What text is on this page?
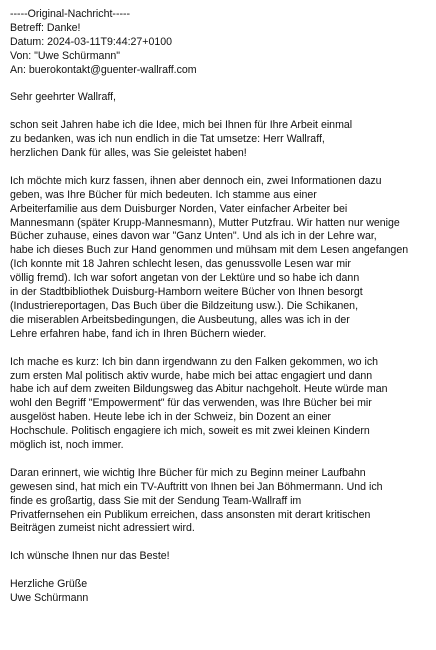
-----Original-Nachricht-----
Betreff: Danke!
Datum: 2024-03-11T9:44:27+0100
Von: "Uwe Schürmann"
An: buerokontakt@guenter-wallraff.com
Sehr geehrter Wallraff,
schon seit Jahren habe ich die Idee, mich bei Ihnen für Ihre Arbeit einmal
zu bedanken, was ich nun endlich in die Tat umsetze: Herr Wallraff,
herzlichen Dank für alles, was Sie geleistet haben!
Ich möchte mich kurz fassen, ihnen aber dennoch ein, zwei Informationen dazu
geben, was Ihre Bücher für mich bedeuten. Ich stamme aus einer
Arbeiterfamilie aus dem Duisburger Norden, Vater einfacher Arbeiter bei
Mannesmann (später Krupp-Mannesmann), Mutter Putzfrau. Wir hatten nur wenige
Bücher zuhause, eines davon war "Ganz Unten". Und als ich in der Lehre war,
habe ich dieses Buch zur Hand genommen und mühsam mit dem Lesen angefangen
(Ich konnte mit 18 Jahren schlecht lesen, das genussvolle Lesen war mir
völlig fremd). Ich war sofort angetan von der Lektüre und so habe ich dann
in der Stadtbibliothek Duisburg-Hamborn weitere Bücher von Ihnen besorgt
(Industriereportagen, Das Buch über die Bildzeitung usw.). Die Schikanen,
die miserablen Arbeitsbedingungen, die Ausbeutung, alles was ich in der
Lehre erfahren habe, fand ich in Ihren Büchern wieder.
Ich mache es kurz: Ich bin dann irgendwann zu den Falken gekommen, wo ich
zum ersten Mal politisch aktiv wurde, habe mich bei attac engagiert und dann
habe ich auf dem zweiten Bildungsweg das Abitur nachgeholt. Heute würde man
wohl den Begriff "Empowerment" für das verwenden, was Ihre Bücher bei mir
ausgelöst haben. Heute lebe ich in der Schweiz, bin Dozent an einer
Hochschule. Politisch engagiere ich mich, soweit es mit zwei kleinen Kindern
möglich ist, noch immer.
Daran erinnert, wie wichtig Ihre Bücher für mich zu Beginn meiner Laufbahn
gewesen sind, hat mich ein TV-Auftritt von Ihnen bei Jan Böhmermann. Und ich
finde es großartig, dass Sie mit der Sendung Team-Wallraff im
Privatfernsehen ein Publikum erreichen, dass ansonsten mit derart kritischen
Beiträgen zumeist nicht adressiert wird.
Ich wünsche Ihnen nur das Beste!
Herzliche Grüße
Uwe Schürmann
